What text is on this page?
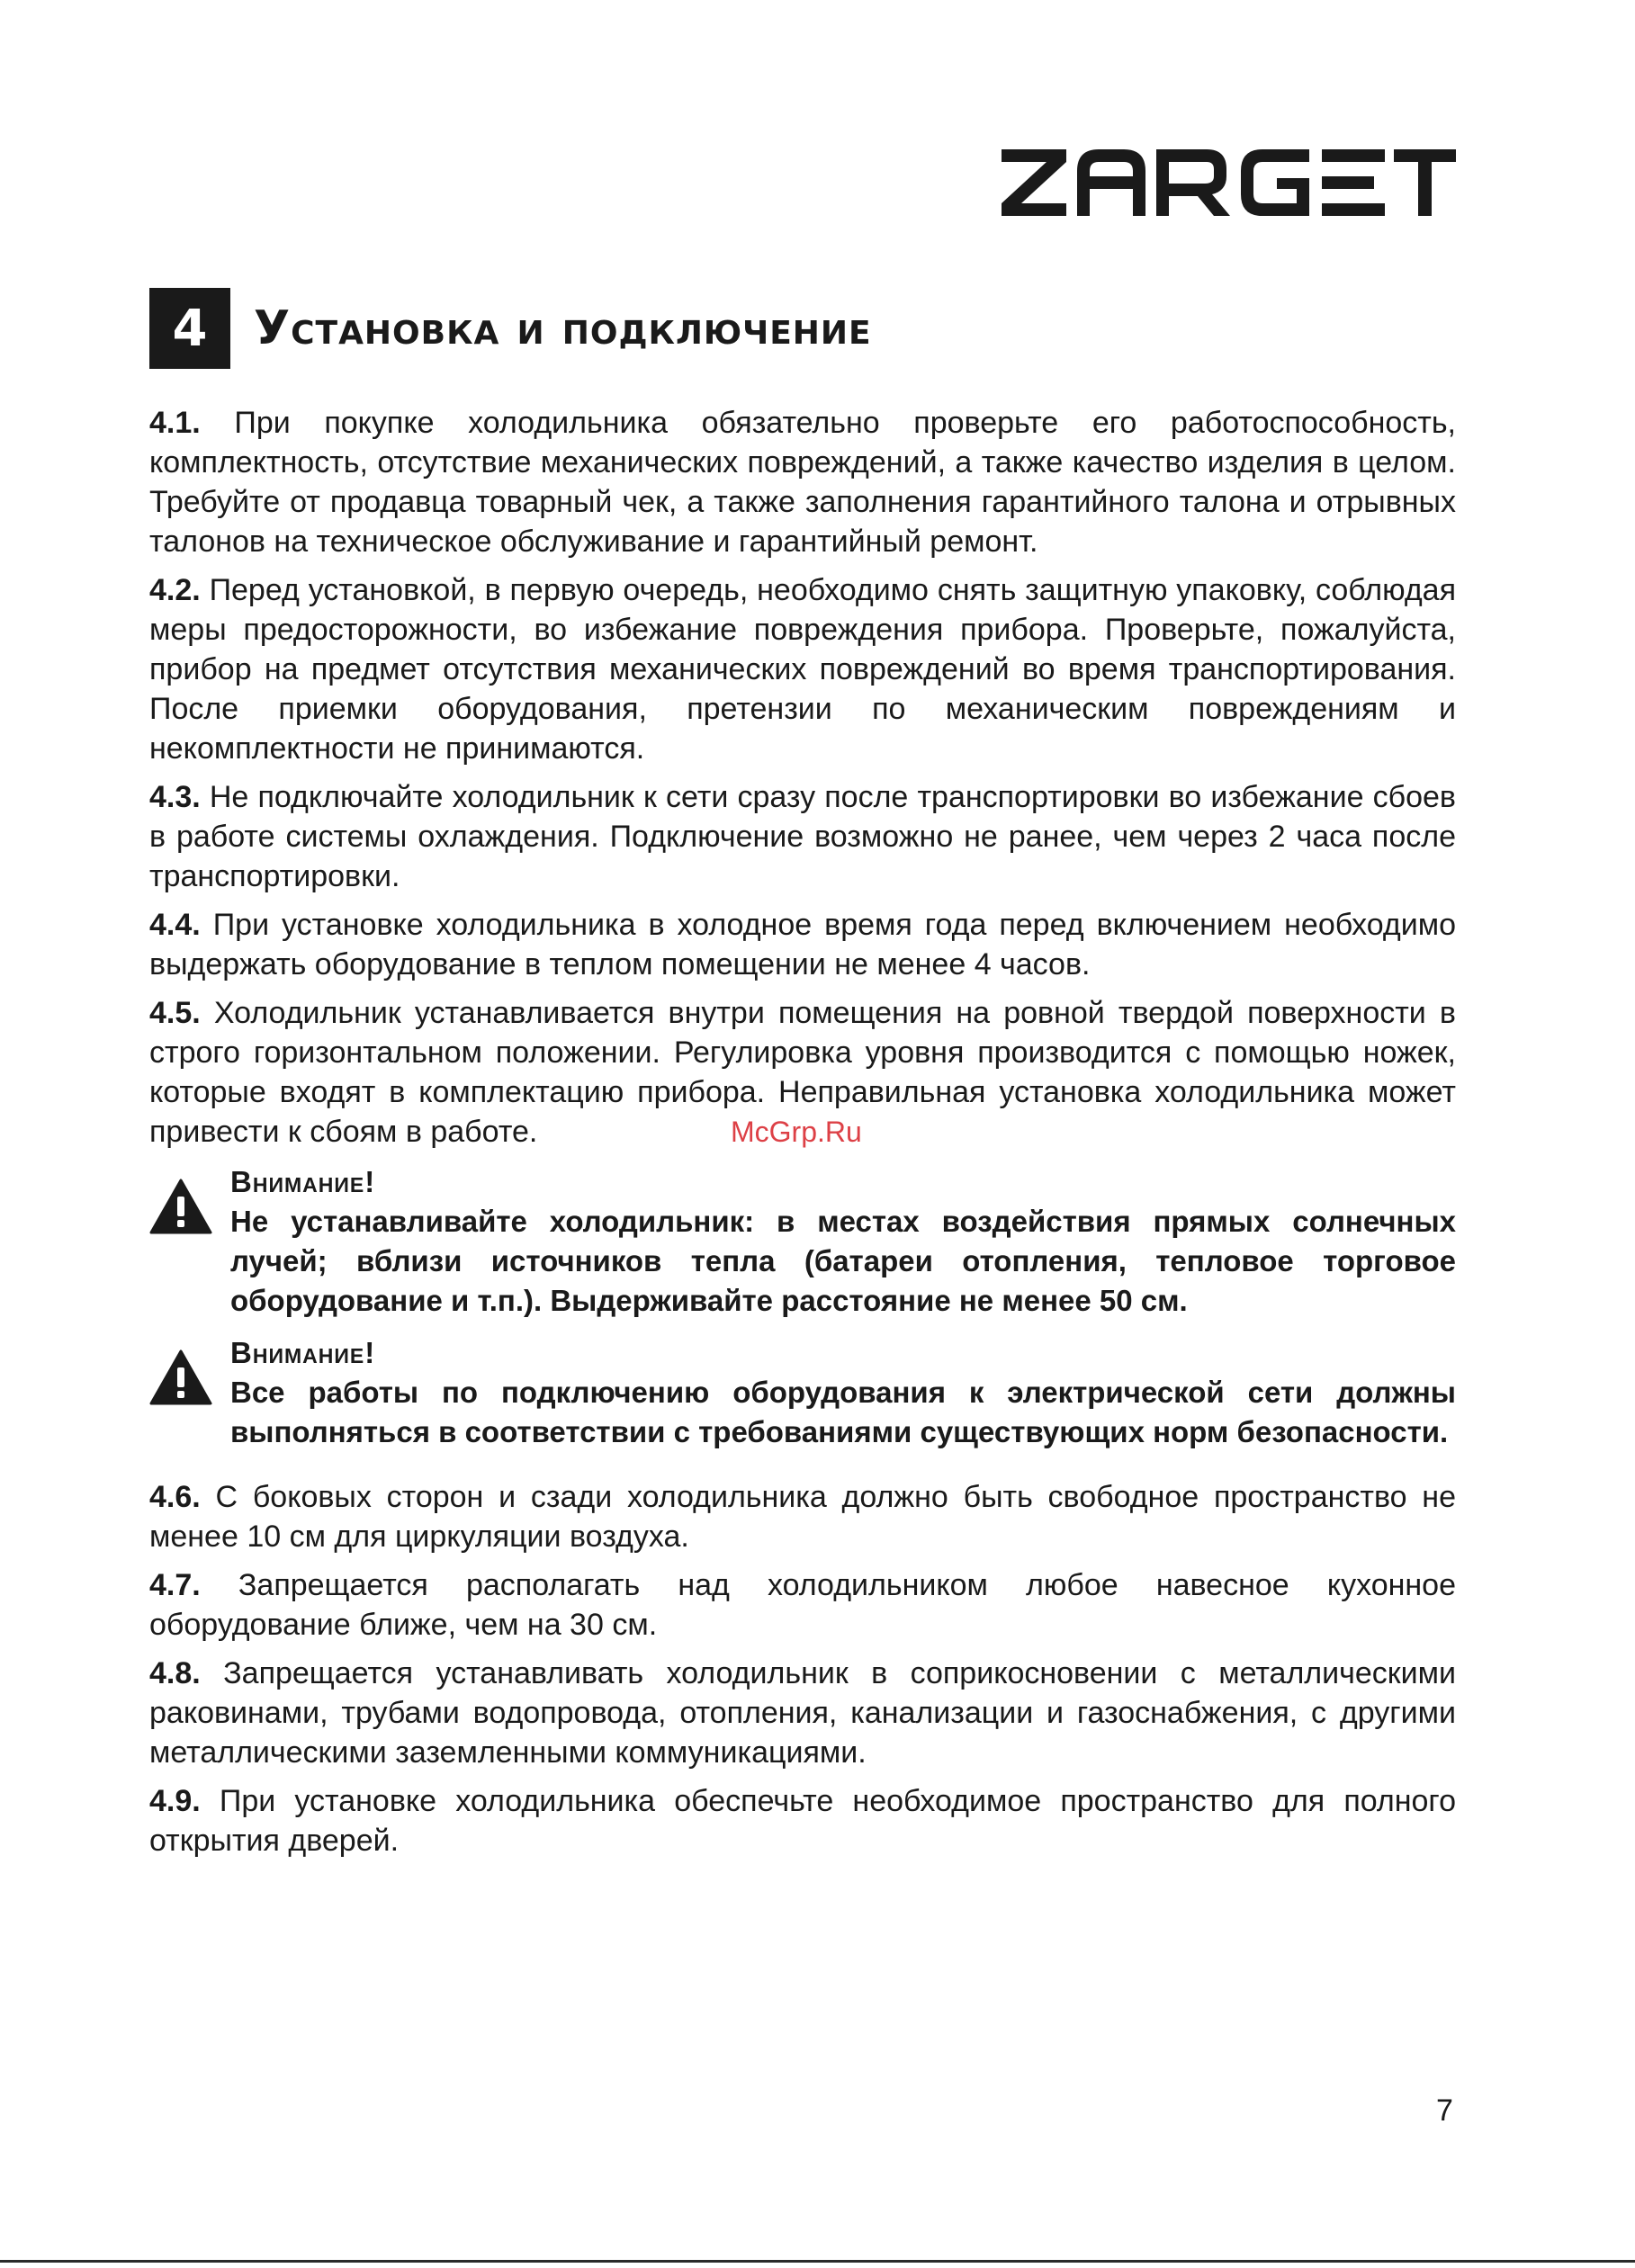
4 Установка и подключение

4.1. При покупке холодильника обязательно проверьте его работоспособность, комплектность, отсутствие механических повреждений, а также качество изделия в целом. Требуйте от продавца товарный чек, а также заполнения гарантийного талона и отрывных талонов на техническое обслуживание и гарантийный ремонт.

4.2. Перед установкой, в первую очередь, необходимо снять защитную упаковку, соблюдая меры предосторожности, во избежание повреждения прибора. Проверьте, пожалуйста, прибор на предмет отсутствия механических повреждений во время транспортирования. После приемки оборудования, претензии по механическим повреждениям и некомплектности не принимаются.

4.3. Не подключайте холодильник к сети сразу после транспортировки во избежание сбоев в работе системы охлаждения. Подключение возможно не ранее, чем через 2 часа после транспортировки.

4.4. При установке холодильника в холодное время года перед включением необходимо выдержать оборудование в теплом помещении не менее 4 часов.

4.5. Холодильник устанавливается внутри помещения на ровной твердой поверхности в строго горизонтальном положении. Регулировка уровня производится с помощью ножек, которые входят в комплектацию прибора. Неправильная установка холодильника может привести к сбоям в работе.

Внимание!
Не устанавливайте холодильник: в местах воздействия прямых солнечных лучей; вблизи источников тепла (батареи отопления, тепловое торговое оборудование и т.п.). Выдерживайте расстояние не менее 50 см.
Внимание!
Все работы по подключению оборудования к электрической сети должны выполняться в соответствии с требованиями существующих норм безопасности.

4.6. С боковых сторон и сзади холодильника должно быть свободное пространство не менее 10 см для циркуляции воздуха.

4.7. Запрещается располагать над холодильником любое навесное кухонное оборудование ближе, чем на 30 см.

4.8. Запрещается устанавливать холодильник в соприкосновении с металлическими раковинами, трубами водопровода, отопления, канализации и газоснабжения, с другими металлическими заземленными коммуникациями.

4.9. При установке холодильника обеспечьте необходимое пространство для полного открытия дверей.

McGrp.Ru
7
